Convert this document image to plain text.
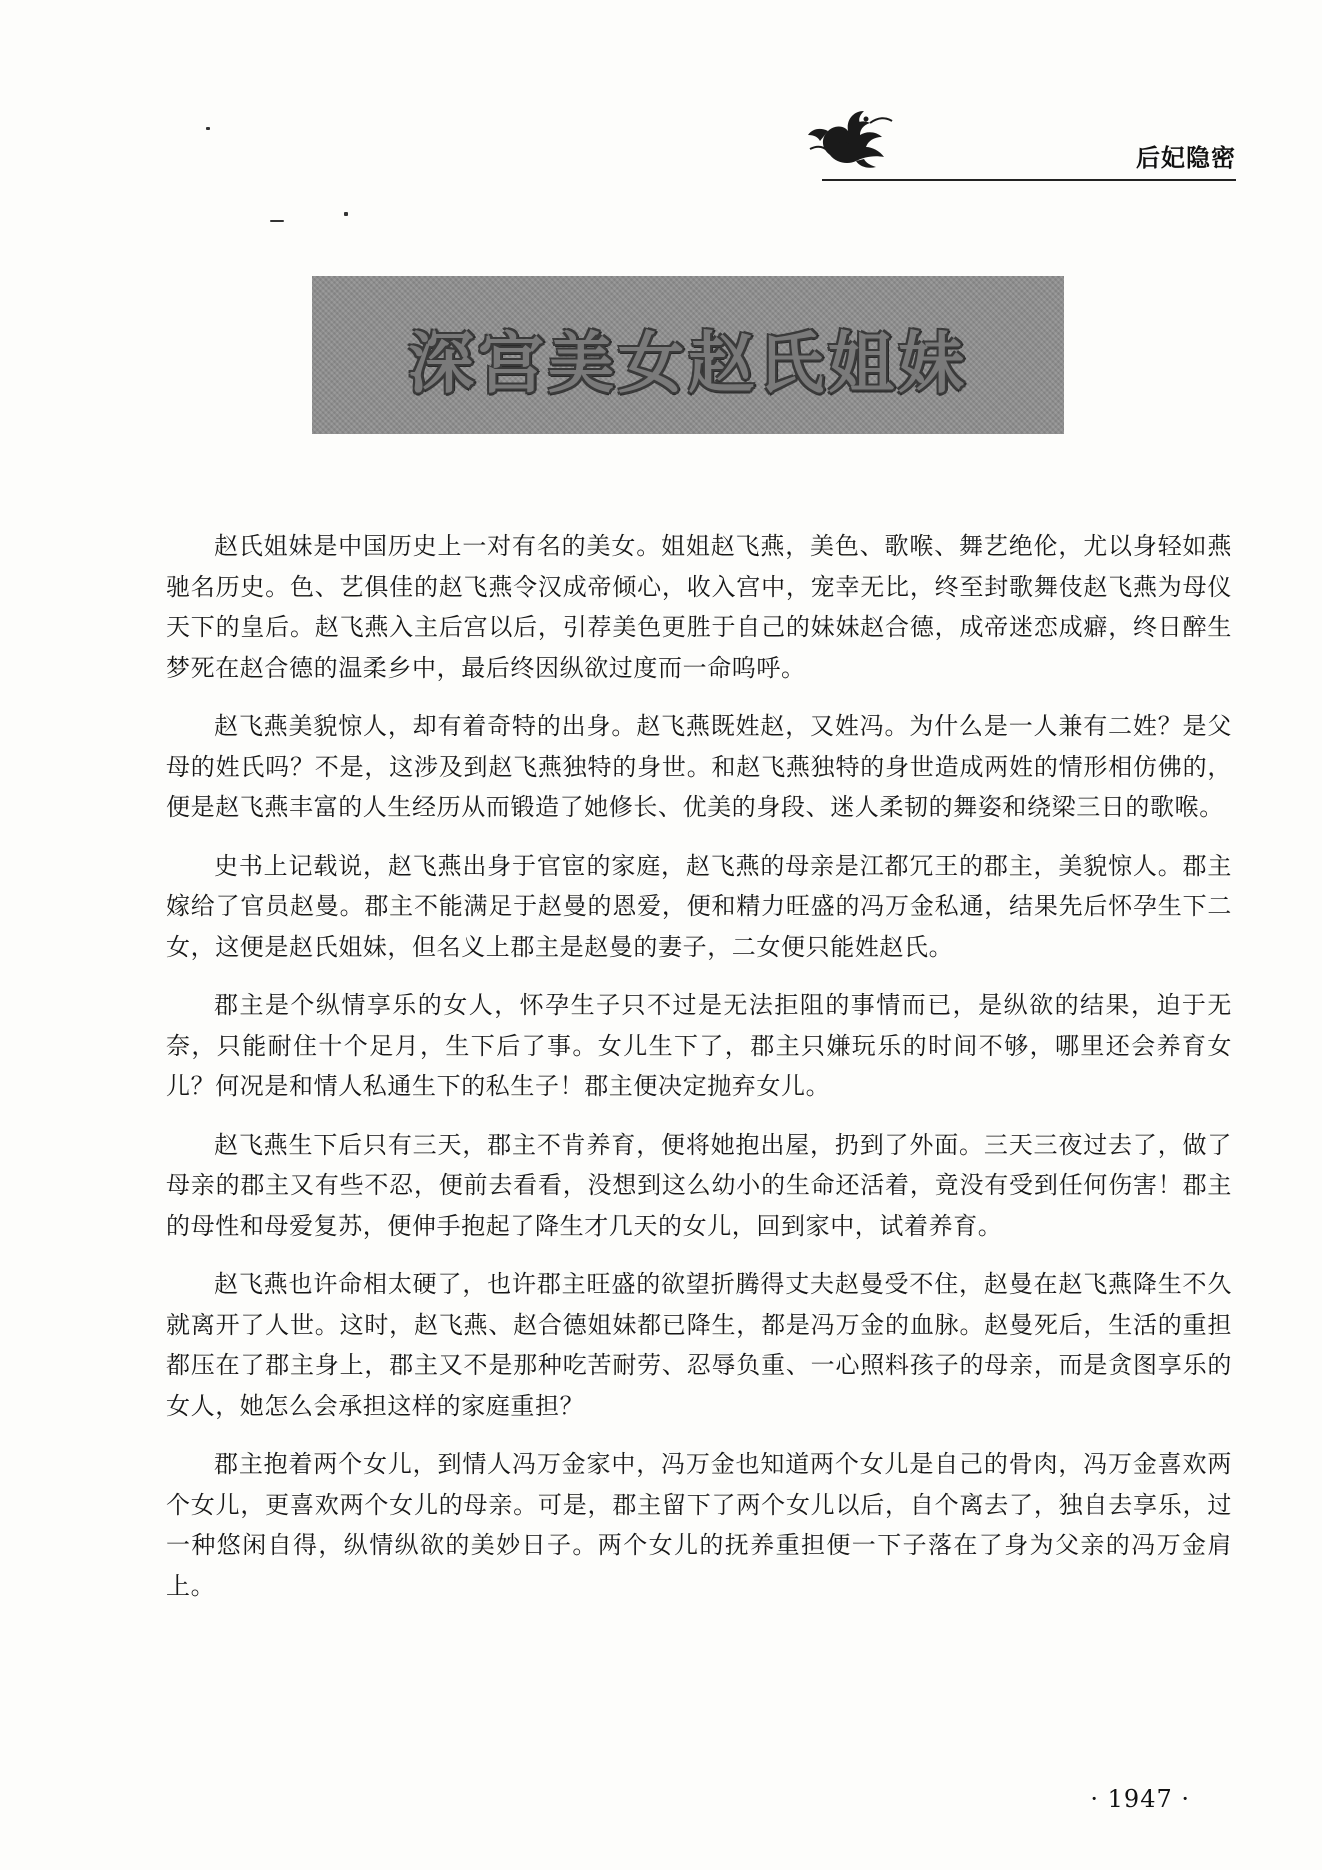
后妃隐密
深宫美女赵氏姐妹

赵氏姐妹是中国历史上一对有名的美女。姐姐赵飞燕，美色、歌喉、舞艺绝伦，尤以身轻如燕驰名历史。色、艺俱佳的赵飞燕令汉成帝倾心，收入宫中，宠幸无比，终至封歌舞伎赵飞燕为母仪天下的皇后。赵飞燕入主后宫以后，引荐美色更胜于自己的妹妹赵合德，成帝迷恋成癖，终日醉生梦死在赵合德的温柔乡中，最后终因纵欲过度而一命呜呼。

赵飞燕美貌惊人，却有着奇特的出身。赵飞燕既姓赵，又姓冯。为什么是一人兼有二姓？是父母的姓氏吗？不是，这涉及到赵飞燕独特的身世。和赵飞燕独特的身世造成两姓的情形相仿佛的，便是赵飞燕丰富的人生经历从而锻造了她修长、优美的身段、迷人柔韧的舞姿和绕梁三日的歌喉。

史书上记载说，赵飞燕出身于官宦的家庭，赵飞燕的母亲是江都冗王的郡主，美貌惊人。郡主嫁给了官员赵曼。郡主不能满足于赵曼的恩爱，便和精力旺盛的冯万金私通，结果先后怀孕生下二女，这便是赵氏姐妹，但名义上郡主是赵曼的妻子，二女便只能姓赵氏。

郡主是个纵情享乐的女人，怀孕生子只不过是无法拒阻的事情而已，是纵欲的结果，迫于无奈，只能耐住十个足月，生下后了事。女儿生下了，郡主只嫌玩乐的时间不够，哪里还会养育女儿？何况是和情人私通生下的私生子！郡主便决定抛弃女儿。

赵飞燕生下后只有三天，郡主不肯养育，便将她抱出屋，扔到了外面。三天三夜过去了，做了母亲的郡主又有些不忍，便前去看看，没想到这么幼小的生命还活着，竟没有受到任何伤害！郡主的母性和母爱复苏，便伸手抱起了降生才几天的女儿，回到家中，试着养育。

赵飞燕也许命相太硬了，也许郡主旺盛的欲望折腾得丈夫赵曼受不住，赵曼在赵飞燕降生不久就离开了人世。这时，赵飞燕、赵合德姐妹都已降生，都是冯万金的血脉。赵曼死后，生活的重担都压在了郡主身上，郡主又不是那种吃苦耐劳、忍辱负重、一心照料孩子的母亲，而是贪图享乐的女人，她怎么会承担这样的家庭重担？

郡主抱着两个女儿，到情人冯万金家中，冯万金也知道两个女儿是自己的骨肉，冯万金喜欢两个女儿，更喜欢两个女儿的母亲。可是，郡主留下了两个女儿以后，自个离去了，独自去享乐，过一种悠闲自得，纵情纵欲的美妙日子。两个女儿的抚养重担便一下子落在了身为父亲的冯万金肩上。

· 1947 ·
